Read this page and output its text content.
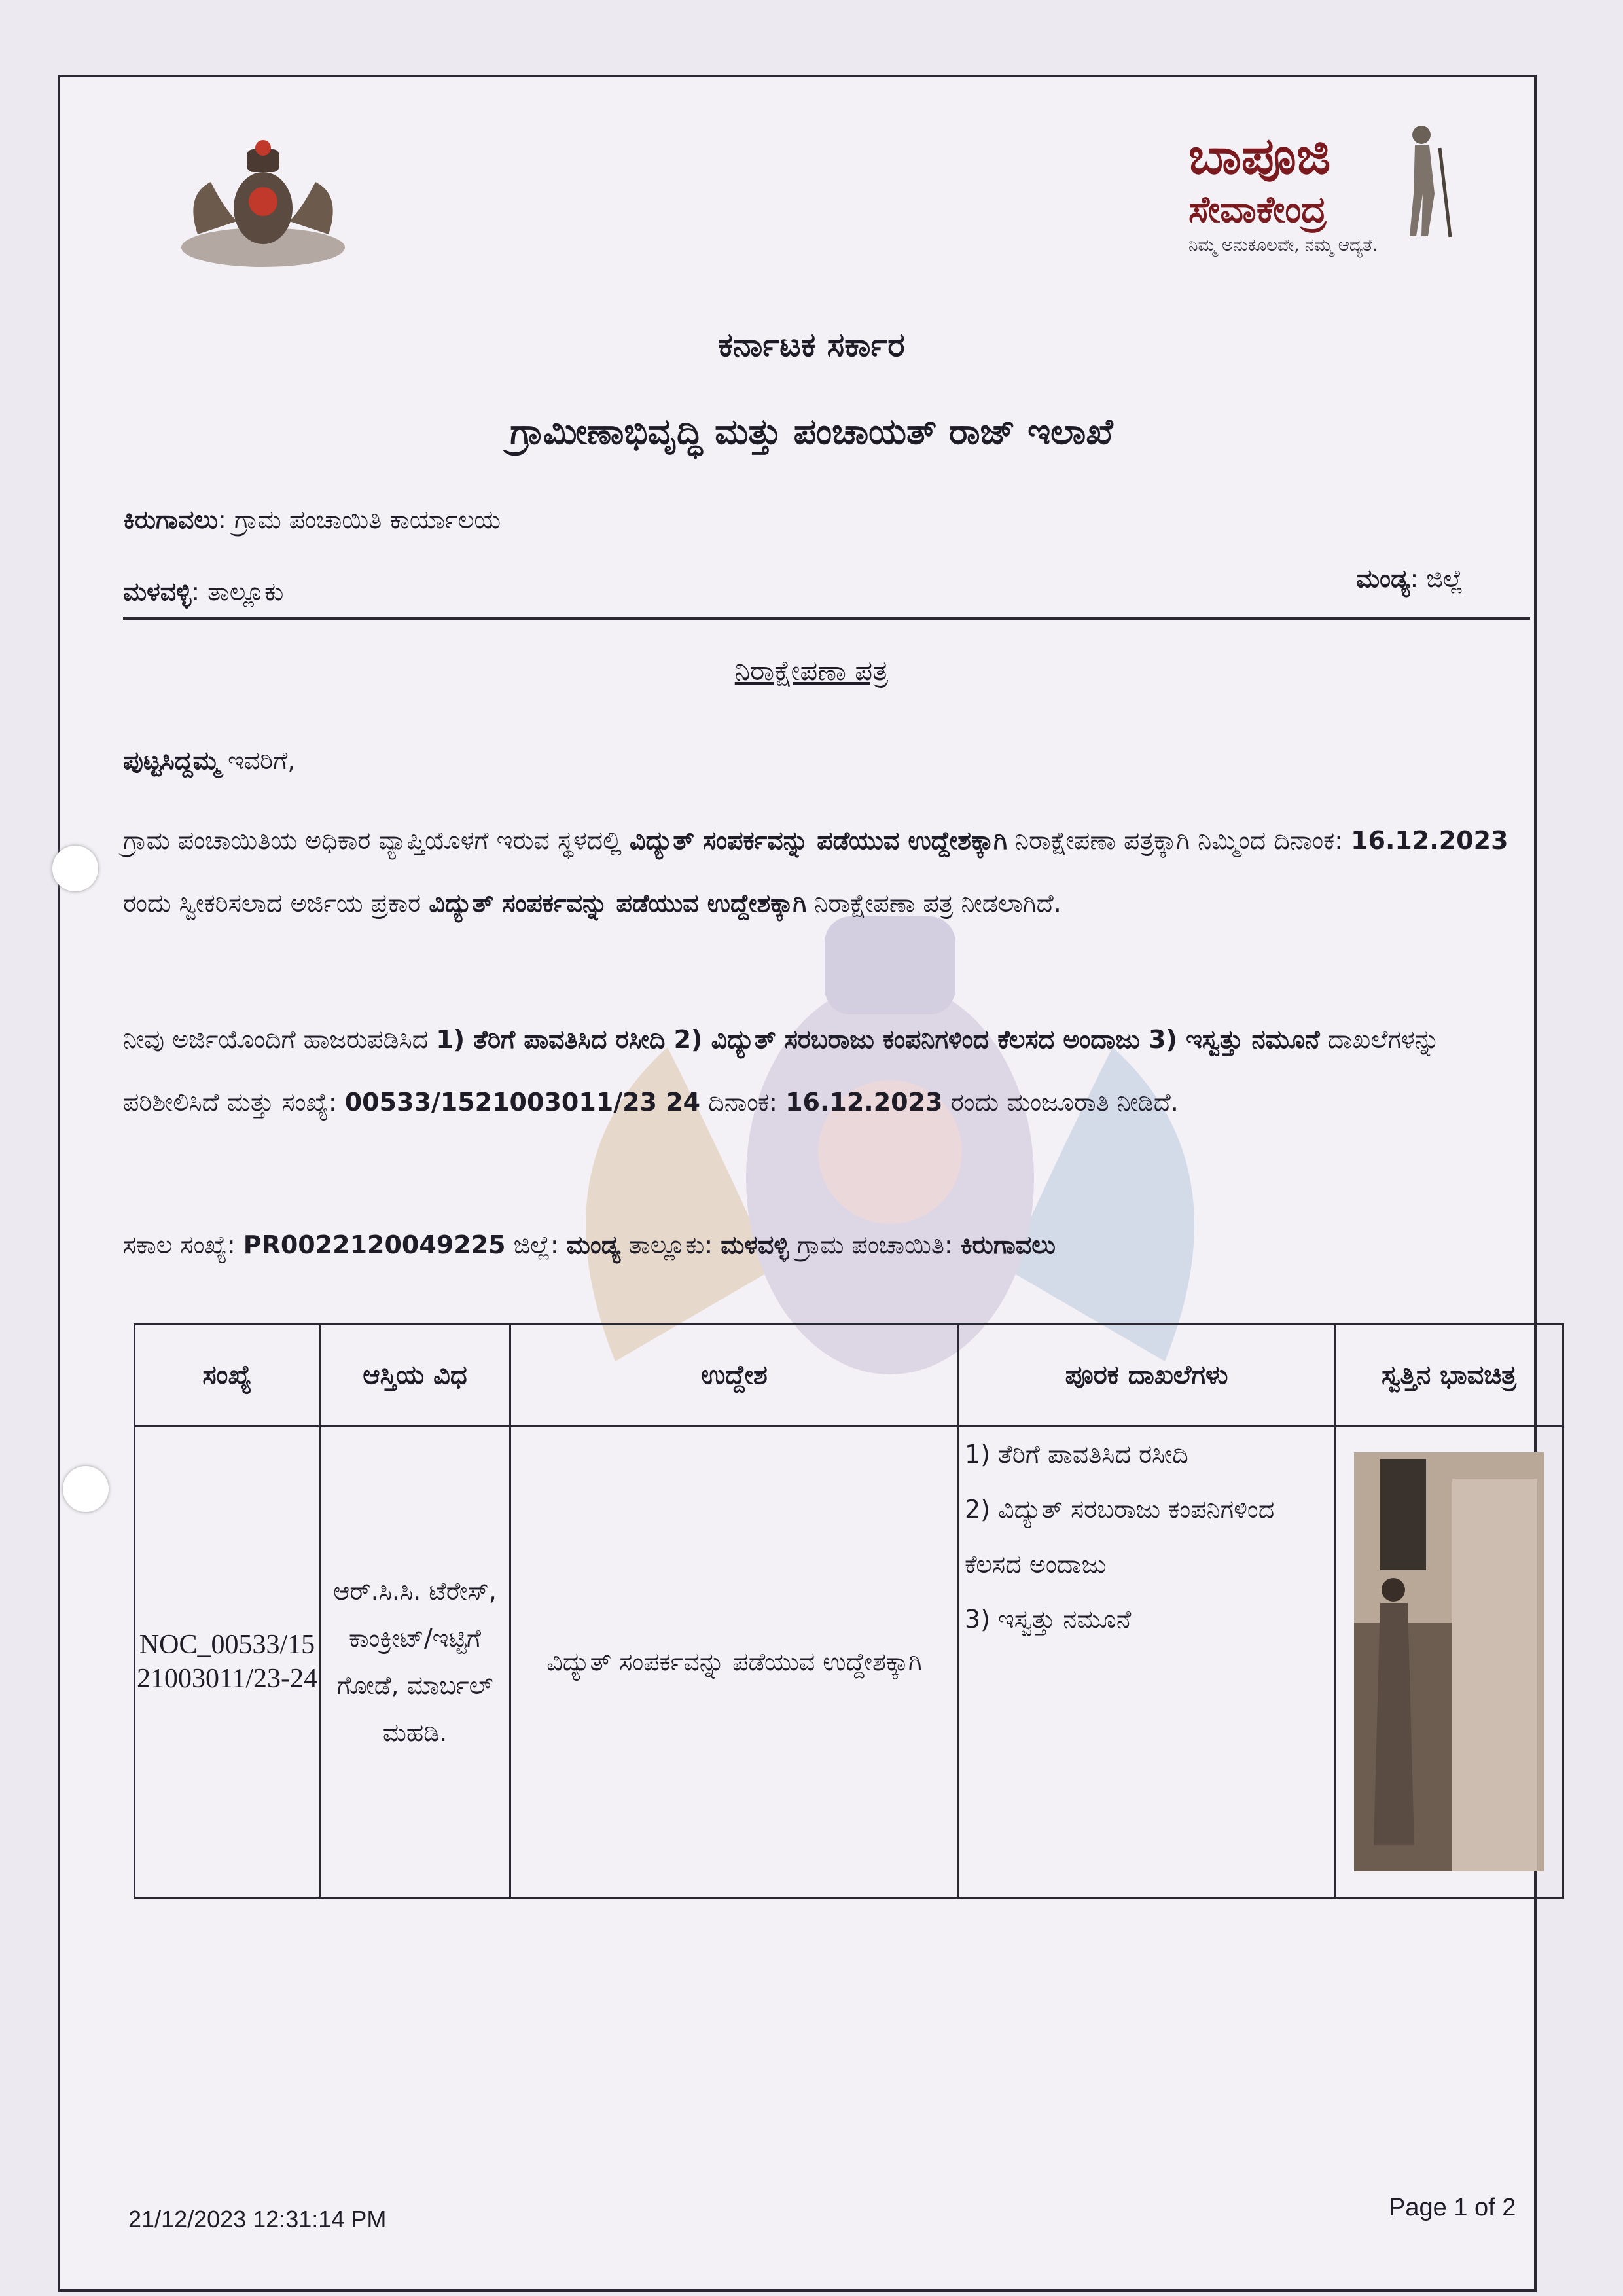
ಬಾಪೂಜಿ
ಸೇವಾಕೇಂದ್ರ
ನಿಮ್ಮ ಅನುಕೂಲವೇ, ನಮ್ಮ ಆದ್ಯತೆ.
ಕರ್ನಾಟಕ ಸರ್ಕಾರ
ಗ್ರಾಮೀಣಾಭಿವೃದ್ಧಿ ಮತ್ತು ಪಂಚಾಯತ್ ರಾಜ್ ಇಲಾಖೆ
ಕಿರುಗಾವಲು: ಗ್ರಾಮ ಪಂಚಾಯಿತಿ ಕಾರ್ಯಾಲಯ
ಮಳವಳ್ಳಿ: ತಾಲ್ಲೂಕು	ಮಂಡ್ಯ: ಜಿಲ್ಲೆ
ನಿರಾಕ್ಷೇಪಣಾ ಪತ್ರ
ಪುಟ್ಟಸಿದ್ದಮ್ಮ ಇವರಿಗೆ,
ಗ್ರಾಮ ಪಂಚಾಯಿತಿಯ ಅಧಿಕಾರ ವ್ಯಾಪ್ತಿಯೊಳಗೆ ಇರುವ ಸ್ಥಳದಲ್ಲಿ ವಿದ್ಯುತ್ ಸಂಪರ್ಕವನ್ನು ಪಡೆಯುವ ಉದ್ದೇಶಕ್ಕಾಗಿ ನಿರಾಕ್ಷೇಪಣಾ ಪತ್ರಕ್ಕಾಗಿ ನಿಮ್ಮಿಂದ ದಿನಾಂಕ: 16.12.2023 ರಂದು ಸ್ವೀಕರಿಸಲಾದ ಅರ್ಜಿಯ ಪ್ರಕಾರ ವಿದ್ಯುತ್ ಸಂಪರ್ಕವನ್ನು ಪಡೆಯುವ ಉದ್ದೇಶಕ್ಕಾಗಿ ನಿರಾಕ್ಷೇಪಣಾ ಪತ್ರ ನೀಡಲಾಗಿದೆ.
ನೀವು ಅರ್ಜಿಯೊಂದಿಗೆ ಹಾಜರುಪಡಿಸಿದ 1) ತೆರಿಗೆ ಪಾವತಿಸಿದ ರಸೀದಿ 2) ವಿದ್ಯುತ್ ಸರಬರಾಜು ಕಂಪನಿಗಳಿಂದ ಕೆಲಸದ ಅಂದಾಜು 3) ಇಸ್ವತ್ತು ನಮೂನೆ ದಾಖಲೆಗಳನ್ನು ಪರಿಶೀಲಿಸಿದೆ ಮತ್ತು ಸಂಖ್ಯೆ: 00533/1521003011/23 24 ದಿನಾಂಕ: 16.12.2023 ರಂದು ಮಂಜೂರಾತಿ ನೀಡಿದೆ.
ಸಕಾಲ ಸಂಖ್ಯೆ: PR0022120049225 ಜಿಲ್ಲೆ: ಮಂಡ್ಯ ತಾಲ್ಲೂಕು: ಮಳವಳ್ಳಿ ಗ್ರಾಮ ಪಂಚಾಯಿತಿ: ಕಿರುಗಾವಲು
ಸಂಖ್ಯೆ	ಆಸ್ತಿಯ ವಿಧ	ಉದ್ದೇಶ	ಪೂರಕ ದಾಖಲೆಗಳು	ಸ್ವತ್ತಿನ ಭಾವಚಿತ್ರ
NOC_00533/1521003011/23-24	ಆರ್.ಸಿ.ಸಿ. ಟೆರೇಸ್, ಕಾಂಕ್ರೀಟ್/ಇಟ್ಟಿಗೆ ಗೋಡೆ, ಮಾರ್ಬಲ್ ಮಹಡಿ.	ವಿದ್ಯುತ್ ಸಂಪರ್ಕವನ್ನು ಪಡೆಯುವ ಉದ್ದೇಶಕ್ಕಾಗಿ	1) ತೆರಿಗೆ ಪಾವತಿಸಿದ ರಸೀದಿ
2) ವಿದ್ಯುತ್ ಸರಬರಾಜು ಕಂಪನಿಗಳಿಂದ ಕೆಲಸದ ಅಂದಾಜು
3) ಇಸ್ವತ್ತು ನಮೂನೆ

21/12/2023 12:31:14 PM	Page 1 of 2
